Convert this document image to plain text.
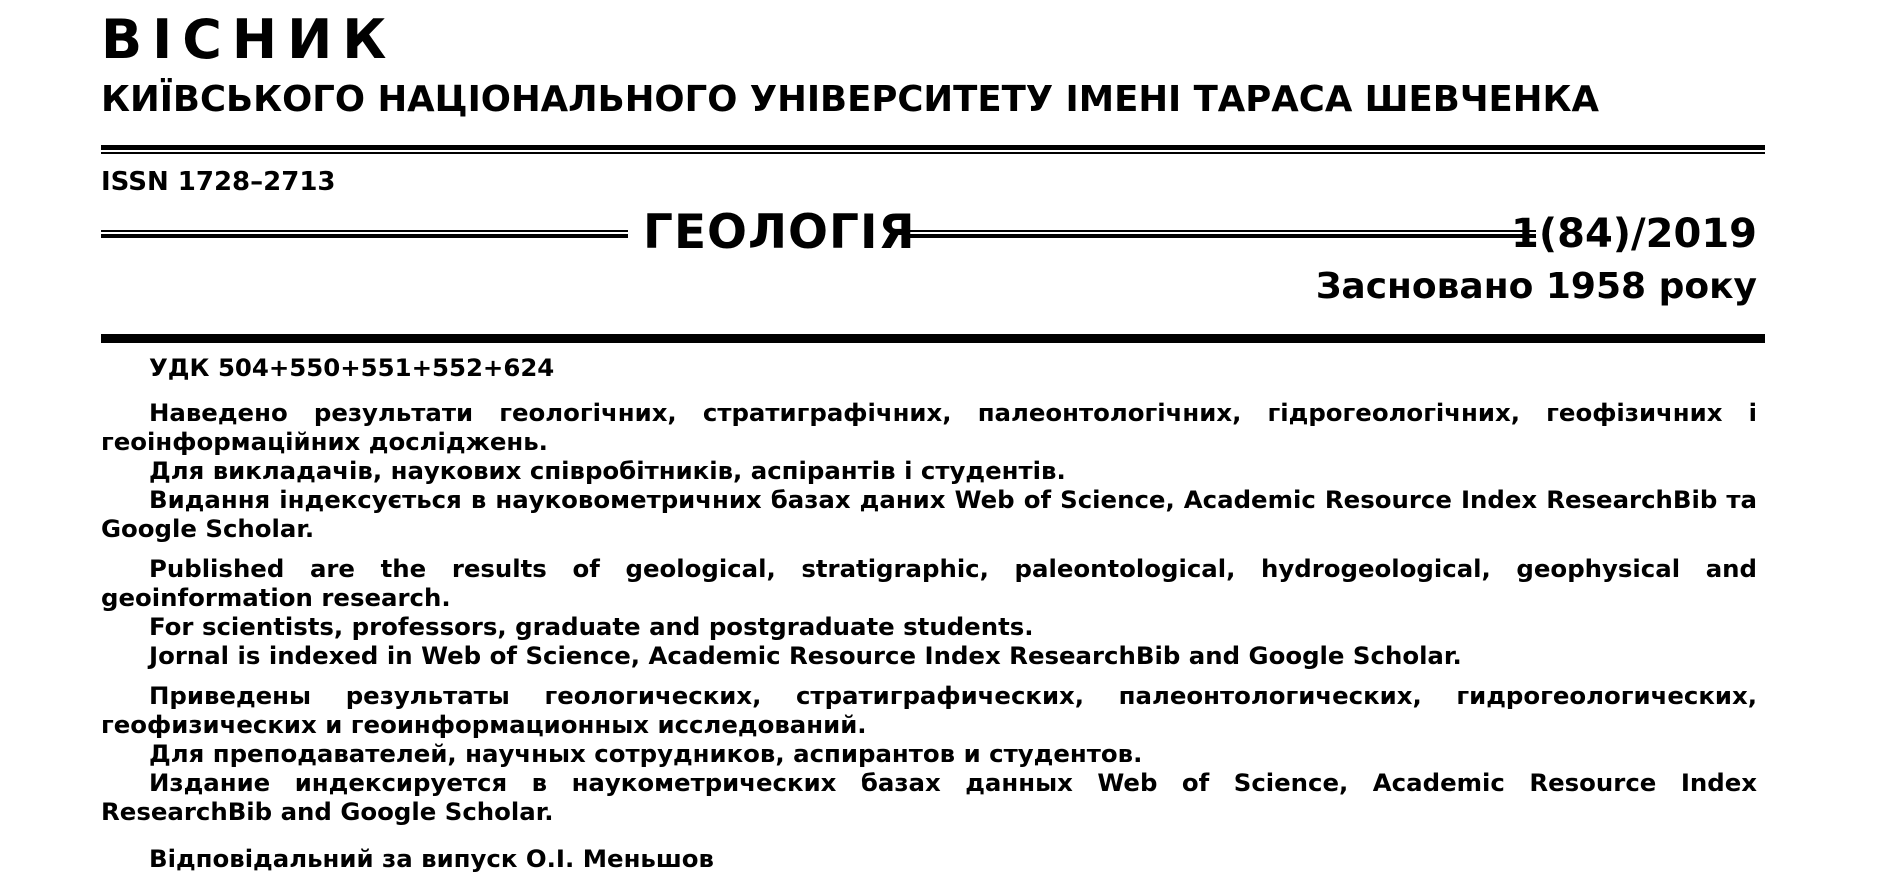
ВІСНИК
КИЇВСЬКОГО НАЦІОНАЛЬНОГО УНІВЕРСИТЕТУ ІМЕНІ ТАРАСА ШЕВЧЕНКА
ISSN 1728–2713
ГЕОЛОГІЯ	1(84)/2019
Засновано 1958 року

УДК 504+550+551+552+624

Наведено результати геологічних, стратиграфічних, палеонтологічних, гідрогеологічних, геофізичних і геоінформаційних досліджень.

Для викладачів, наукових співробітників, аспірантів і студентів.

Видання індексується в науковометричних базах даних Web of Science, Academic Resource Index ResearchBib та Google Scholar.

Published are the results of geological, stratigraphic, paleontological, hydrogeological, geophysical and geoinformation research.

For scientists, professors, graduate and postgraduate students.

Jornal is indexed in Web of Science, Academic Resource Index ResearchBib and Google Scholar.

Приведены результаты геологических, стратиграфических, палеонтологических, гидрогеологических, геофизических и геоинформационных исследований.

Для преподавателей, научных сотрудников, аспирантов и студентов.

Издание индексируется в наукометрических базах данных Web of Science, Academic Resource Index ResearchBib and Google Scholar.

Відповідальний за випуск О.І. Меньшов
